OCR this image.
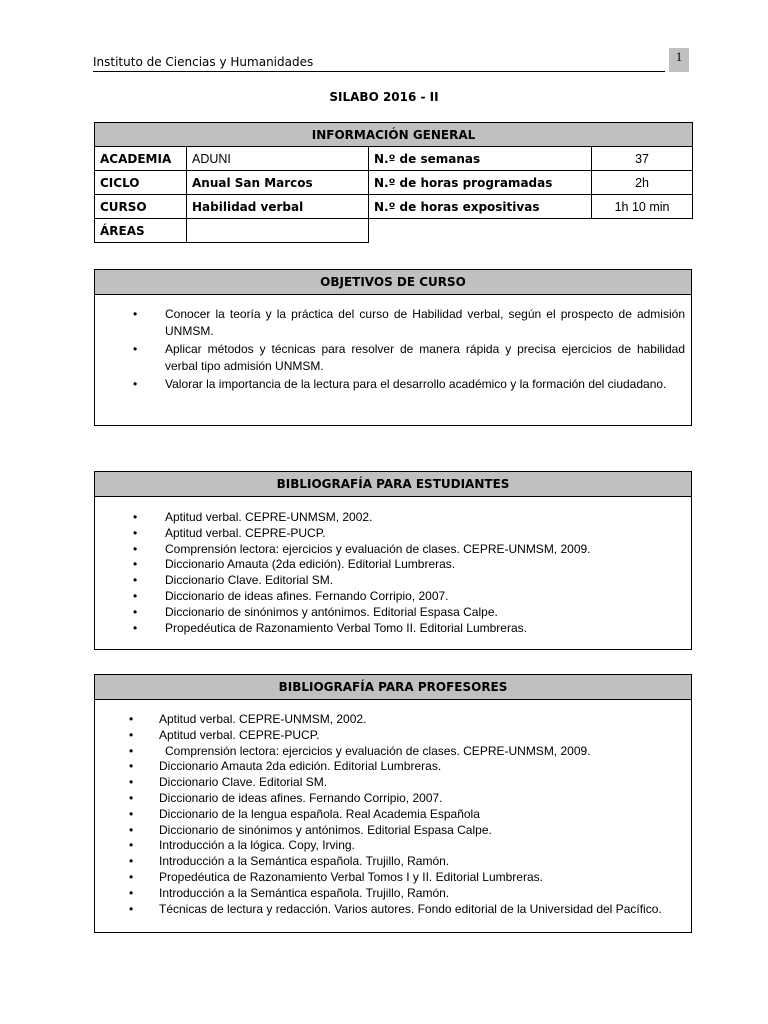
Instituto de Ciencias y Humanidades	1
SILABO 2016 - II
INFORMACIÓN GENERAL			
ACADEMIA	ADUNI	N.º de semanas	37
CICLO	Anual San Marcos	N.º de horas programadas	2h
CURSO	Habilidad verbal	N.º de horas expositivas	1h 10 min
ÁREAS			
OBJETIVOS DE CURSO
• Conocer la teoría y la práctica del curso de Habilidad verbal, según el prospecto de admisión UNMSM.
• Aplicar métodos y técnicas para resolver de manera rápida y precisa ejercicios de habilidad verbal tipo admisión UNMSM.
• Valorar la importancia de la lectura para el desarrollo académico y la formación del ciudadano.
BIBLIOGRAFÍA PARA ESTUDIANTES
• Aptitud verbal. CEPRE-UNMSM, 2002.
• Aptitud verbal. CEPRE-PUCP.
• Comprensión lectora: ejercicios y evaluación de clases. CEPRE-UNMSM, 2009.
• Diccionario Amauta (2da edición). Editorial Lumbreras.
• Diccionario Clave. Editorial SM.
• Diccionario de ideas afines. Fernando Corripio, 2007.
• Diccionario de sinónimos y antónimos. Editorial Espasa Calpe.
• Propedéutica de Razonamiento Verbal Tomo II. Editorial Lumbreras.
BIBLIOGRAFÍA PARA PROFESORES
• Aptitud verbal. CEPRE-UNMSM, 2002.
• Aptitud verbal. CEPRE-PUCP.
• Comprensión lectora: ejercicios y evaluación de clases. CEPRE-UNMSM, 2009.
• Diccionario Amauta 2da edición. Editorial Lumbreras.
• Diccionario Clave. Editorial SM.
• Diccionario de ideas afines. Fernando Corripio, 2007.
• Diccionario de la lengua española. Real Academia Española
• Diccionario de sinónimos y antónimos. Editorial Espasa Calpe.
• Introducción a la lógica. Copy, Irving.
• Introducción a la Semántica española. Trujillo, Ramón.
• Propedéutica de Razonamiento Verbal Tomos I y II. Editorial Lumbreras.
• Introducción a la Semántica española. Trujillo, Ramón.
• Técnicas de lectura y redacción. Varios autores. Fondo editorial de la Universidad del Pacífico.
